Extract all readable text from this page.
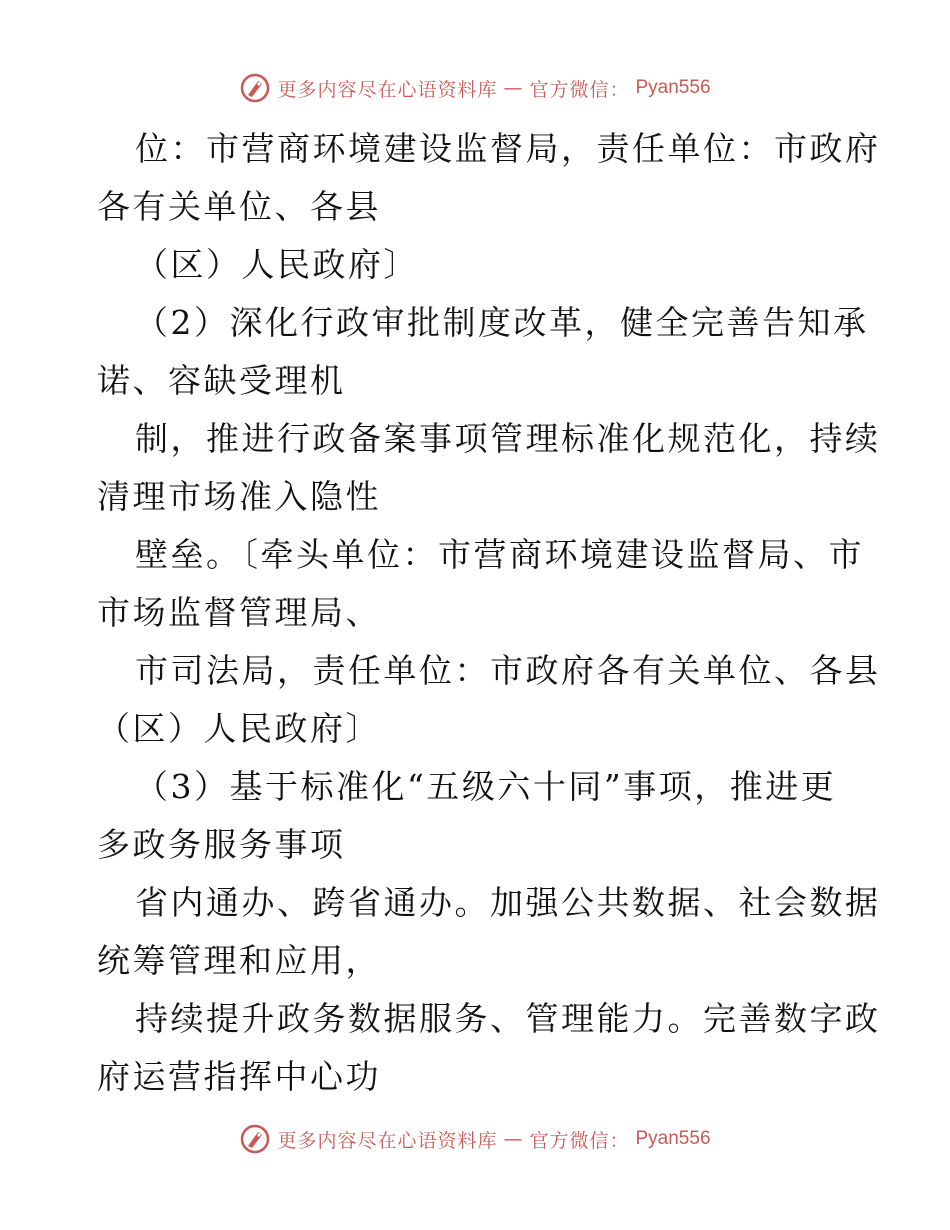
更多内容尽在心语资料库 — 官方微信： Pyan556
位：市营商环境建设监督局，责任单位：市政府
各有关单位、各县
（区）人民政府〕
（2）深化行政审批制度改革，健全完善告知承
诺、容缺受理机
制，推进行政备案事项管理标准化规范化，持续
清理市场准入隐性
壁垒。〔牵头单位：市营商环境建设监督局、市
市场监督管理局、
市司法局，责任单位：市政府各有关单位、各县
（区）人民政府〕
（3）基于标准化“五级六十同”事项，推进更
多政务服务事项
省内通办、跨省通办。加强公共数据、社会数据
统筹管理和应用，
持续提升政务数据服务、管理能力。完善数字政
府运营指挥中心功
更多内容尽在心语资料库 — 官方微信： Pyan556
